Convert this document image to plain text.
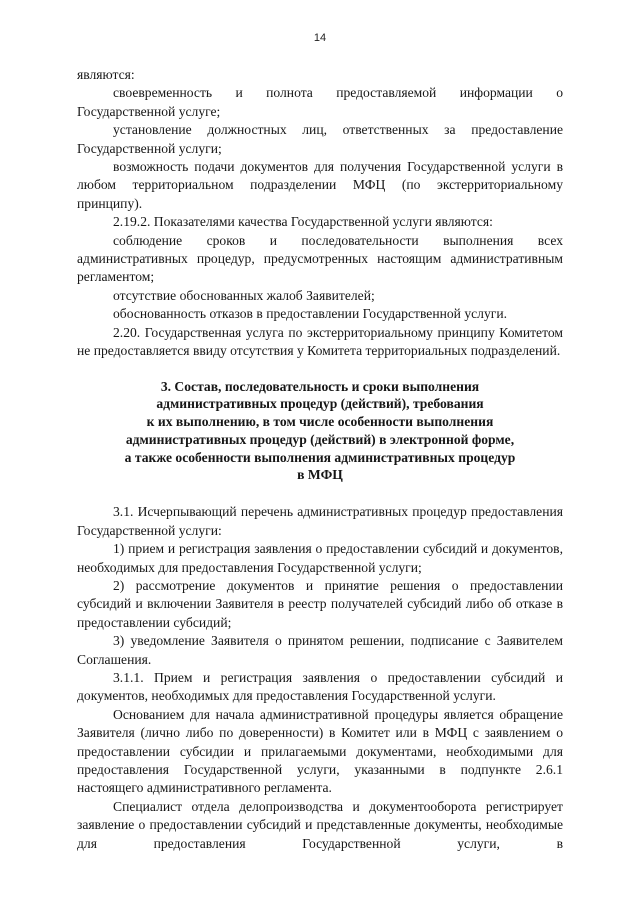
14

являются:

своевременность и полнота предоставляемой информации о Государственной услуге;

установление должностных лиц, ответственных за предоставление Государственной услуги;

возможность подачи документов для получения Государственной услуги в любом территориальном подразделении МФЦ (по экстерриториальному принципу).

2.19.2. Показателями качества Государственной услуги являются:

соблюдение сроков и последовательности выполнения всех административных процедур, предусмотренных настоящим административным регламентом;

отсутствие обоснованных жалоб Заявителей;

обоснованность отказов в предоставлении Государственной услуги.

2.20. Государственная услуга по экстерриториальному принципу Комитетом не предоставляется ввиду отсутствия у Комитета территориальных подразделений.

3. Состав, последовательность и сроки выполнения
административных процедур (действий), требования
к их выполнению, в том числе особенности выполнения
административных процедур (действий) в электронной форме,
а также особенности выполнения административных процедур
в МФЦ

3.1. Исчерпывающий перечень административных процедур предоставления Государственной услуги:

1) прием и регистрация заявления о предоставлении субсидий и документов, необходимых для предоставления Государственной услуги;

2) рассмотрение документов и принятие решения о предоставлении субсидий и включении Заявителя в реестр получателей субсидий либо об отказе в предоставлении субсидий;

3) уведомление Заявителя о принятом решении, подписание с Заявителем Соглашения.

3.1.1. Прием и регистрация заявления о предоставлении субсидий и документов, необходимых для предоставления Государственной услуги.

Основанием для начала административной процедуры является обращение Заявителя (лично либо по доверенности) в Комитет или в МФЦ с заявлением о предоставлении субсидии и прилагаемыми документами, необходимыми для предоставления Государственной услуги, указанными в подпункте 2.6.1 настоящего административного регламента.

Специалист отдела делопроизводства и документооборота регистрирует заявление о предоставлении субсидий и представленные документы, необходимые для предоставления Государственной услуги, в
